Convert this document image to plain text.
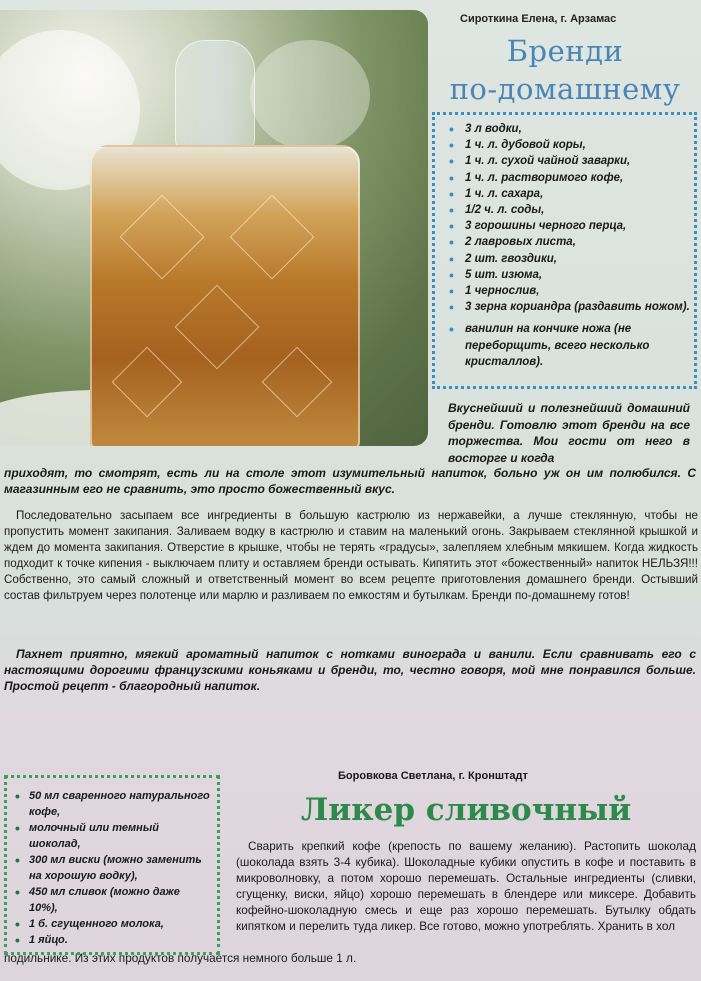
Сироткина Елена, г. Арзамас
Бренди
по-домашнему
• 3 л водки,
• 1 ч. л. дубовой коры,
• 1 ч. л. сухой чайной заварки,
• 1 ч. л. растворимого кофе,
• 1 ч. л. сахара,
• 1/2 ч. л. соды,
• 3 горошины черного перца,
• 2 лавровых листа,
• 2 шт. гвоздики,
• 5 шт. изюма,
• 1 чернослив,
• 3 зерна кориандра (раздавить ножом).
• ванилин на кончике ножа (не переборщить, всего несколько кристаллов).

Вкуснейший и полезнейший домашний бренди. Готовлю этот бренди на все торжества. Мои гости от него в восторге и когда

приходят, то смотрят, есть ли на столе этот изумительный напиток, больно уж он им полюбился. С магазинным его не сравнить, это просто божественный вкус.

Последовательно засыпаем все ингредиенты в большую кастрюлю из нержавейки, а лучше стеклянную, чтобы не пропустить момент закипания. Заливаем водку в кастрюлю и ставим на маленький огонь. Закрываем стеклянной крышкой и ждем до момента закипания. Отверстие в крышке, чтобы не терять «градусы», залепляем хлебным мякишем. Когда жидкость подходит к точке кипения - выключаем плиту и оставляем бренди остывать. Кипятить этот «божественный» напиток НЕЛЬЗЯ!!! Собственно, это самый сложный и ответственный момент во всем рецепте приготовления домашнего бренди. Остывший состав фильтруем через полотенце или марлю и разливаем по емкостям и бутылкам. Бренди по-домашнему готов!

Пахнет приятно, мягкий ароматный напиток с нотками винограда и ванили. Если сравнивать его с настоящими дорогими французскими коньяками и бренди, то, честно говоря, мой мне понравился больше. Простой рецепт - благородный напиток.

• 50 мл сваренного натурального кофе,
• молочный или темный шоколад,
• 300 мл виски (можно заменить на хорошую водку),
• 450 мл сливок (можно даже 10%),
• 1 б. сгущенного молока,
• 1 яйцо.
Боровкова Светлана, г. Кронштадт
Ликер сливочный

Сварить крепкий кофе (крепость по вашему желанию). Растопить шоколад (шоколада взять 3-4 кубика). Шоколадные кубики опустить в кофе и поставить в микроволновку, а потом хорошо перемешать. Остальные ингредиенты (сливки, сгущенку, виски, яйцо) хорошо перемешать в блендере или миксере. Добавить кофейно-шоколадную смесь и еще раз хорошо перемешать. Бутылку обдать кипятком и перелить туда ликер. Все готово, можно употреблять. Хранить в хол

подильнике. Из этих продуктов получается немного больше 1 л.
